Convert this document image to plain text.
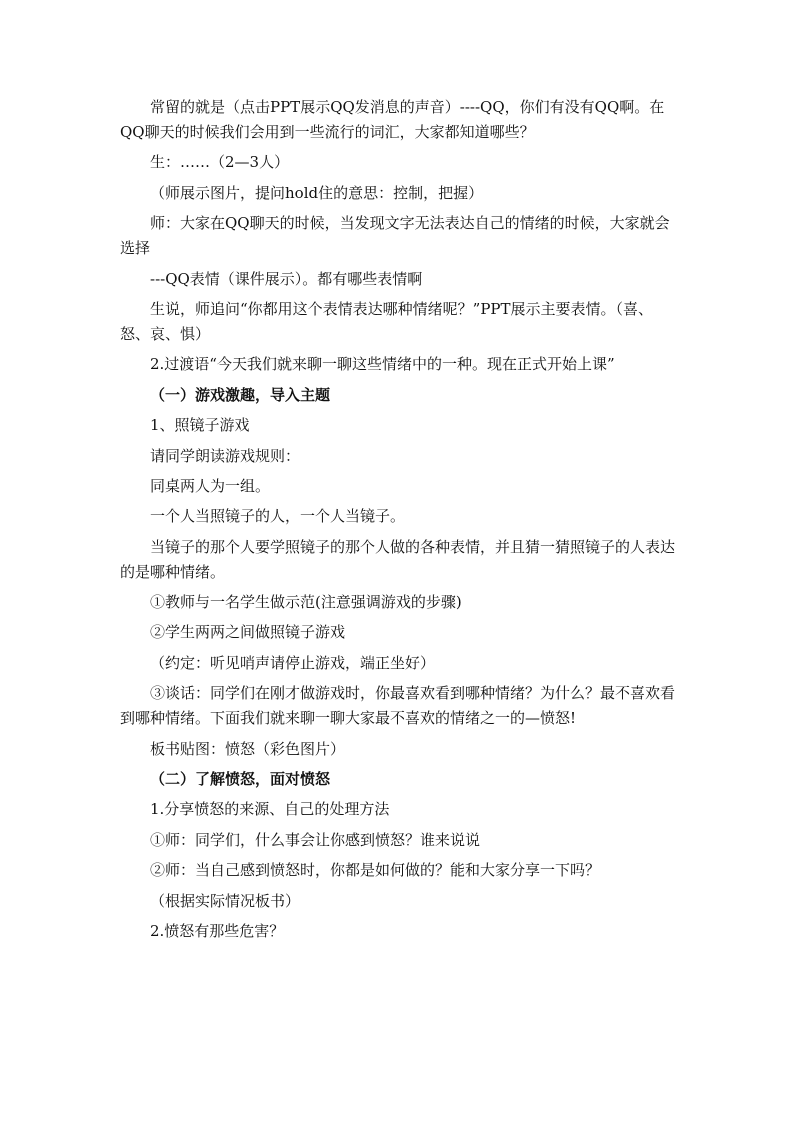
常留的就是（点击PPT展示QQ发消息的声音）----QQ，你们有没有QQ啊。在QQ聊天的时候我们会用到一些流行的词汇，大家都知道哪些？

生：……（2—3人）

（师展示图片，提问hold住的意思：控制，把握）

师：大家在QQ聊天的时候，当发现文字无法表达自己的情绪的时候，大家就会选择

---QQ表情（课件展示）。都有哪些表情啊

生说，师追问“你都用这个表情表达哪种情绪呢？”PPT展示主要表情。（喜、怒、哀、惧）

2.过渡语“今天我们就来聊一聊这些情绪中的一种。现在正式开始上课”

（一）游戏激趣，导入主题

1、照镜子游戏

请同学朗读游戏规则：

同桌两人为一组。

一个人当照镜子的人，一个人当镜子。

当镜子的那个人要学照镜子的那个人做的各种表情，并且猜一猜照镜子的人表达的是哪种情绪。

①教师与一名学生做示范(注意强调游戏的步骤)

②学生两两之间做照镜子游戏

（约定：听见哨声请停止游戏，端正坐好）

③谈话：同学们在刚才做游戏时，你最喜欢看到哪种情绪？为什么？最不喜欢看到哪种情绪。下面我们就来聊一聊大家最不喜欢的情绪之一的—愤怒!

板书贴图：愤怒（彩色图片）

（二）了解愤怒，面对愤怒

1.分享愤怒的来源、自己的处理方法

①师：同学们，什么事会让你感到愤怒？谁来说说

②师：当自己感到愤怒时，你都是如何做的？能和大家分享一下吗？

（根据实际情况板书）

2.愤怒有那些危害？
